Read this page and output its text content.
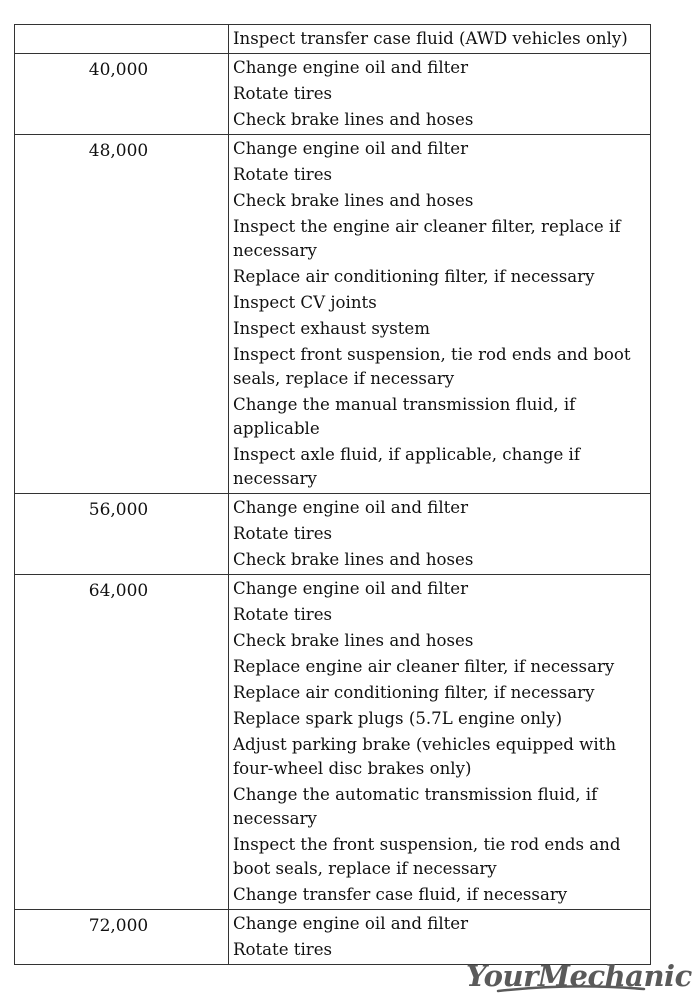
Inspect transfer case fluid (AWD vehicles only)
40,000	Change engine oil and filter
Rotate tires
Check brake lines and hoses
48,000	Change engine oil and filter
Rotate tires
Check brake lines and hoses
Inspect the engine air cleaner filter, replace if necessary
Replace air conditioning filter, if necessary
Inspect CV joints
Inspect exhaust system
Inspect front suspension, tie rod ends and boot seals, replace if necessary
Change the manual transmission fluid, if applicable
Inspect axle fluid, if applicable, change if necessary
56,000	Change engine oil and filter
Rotate tires
Check brake lines and hoses
64,000	Change engine oil and filter
Rotate tires
Check brake lines and hoses
Replace engine air cleaner filter, if necessary
Replace air conditioning filter, if necessary
Replace spark plugs (5.7L engine only)
Adjust parking brake (vehicles equipped with four-wheel disc brakes only)
Change the automatic transmission fluid, if necessary
Inspect the front suspension, tie rod ends and boot seals, replace if necessary
Change transfer case fluid, if necessary
72,000	Change engine oil and filter
Rotate tires
YourMechanic
